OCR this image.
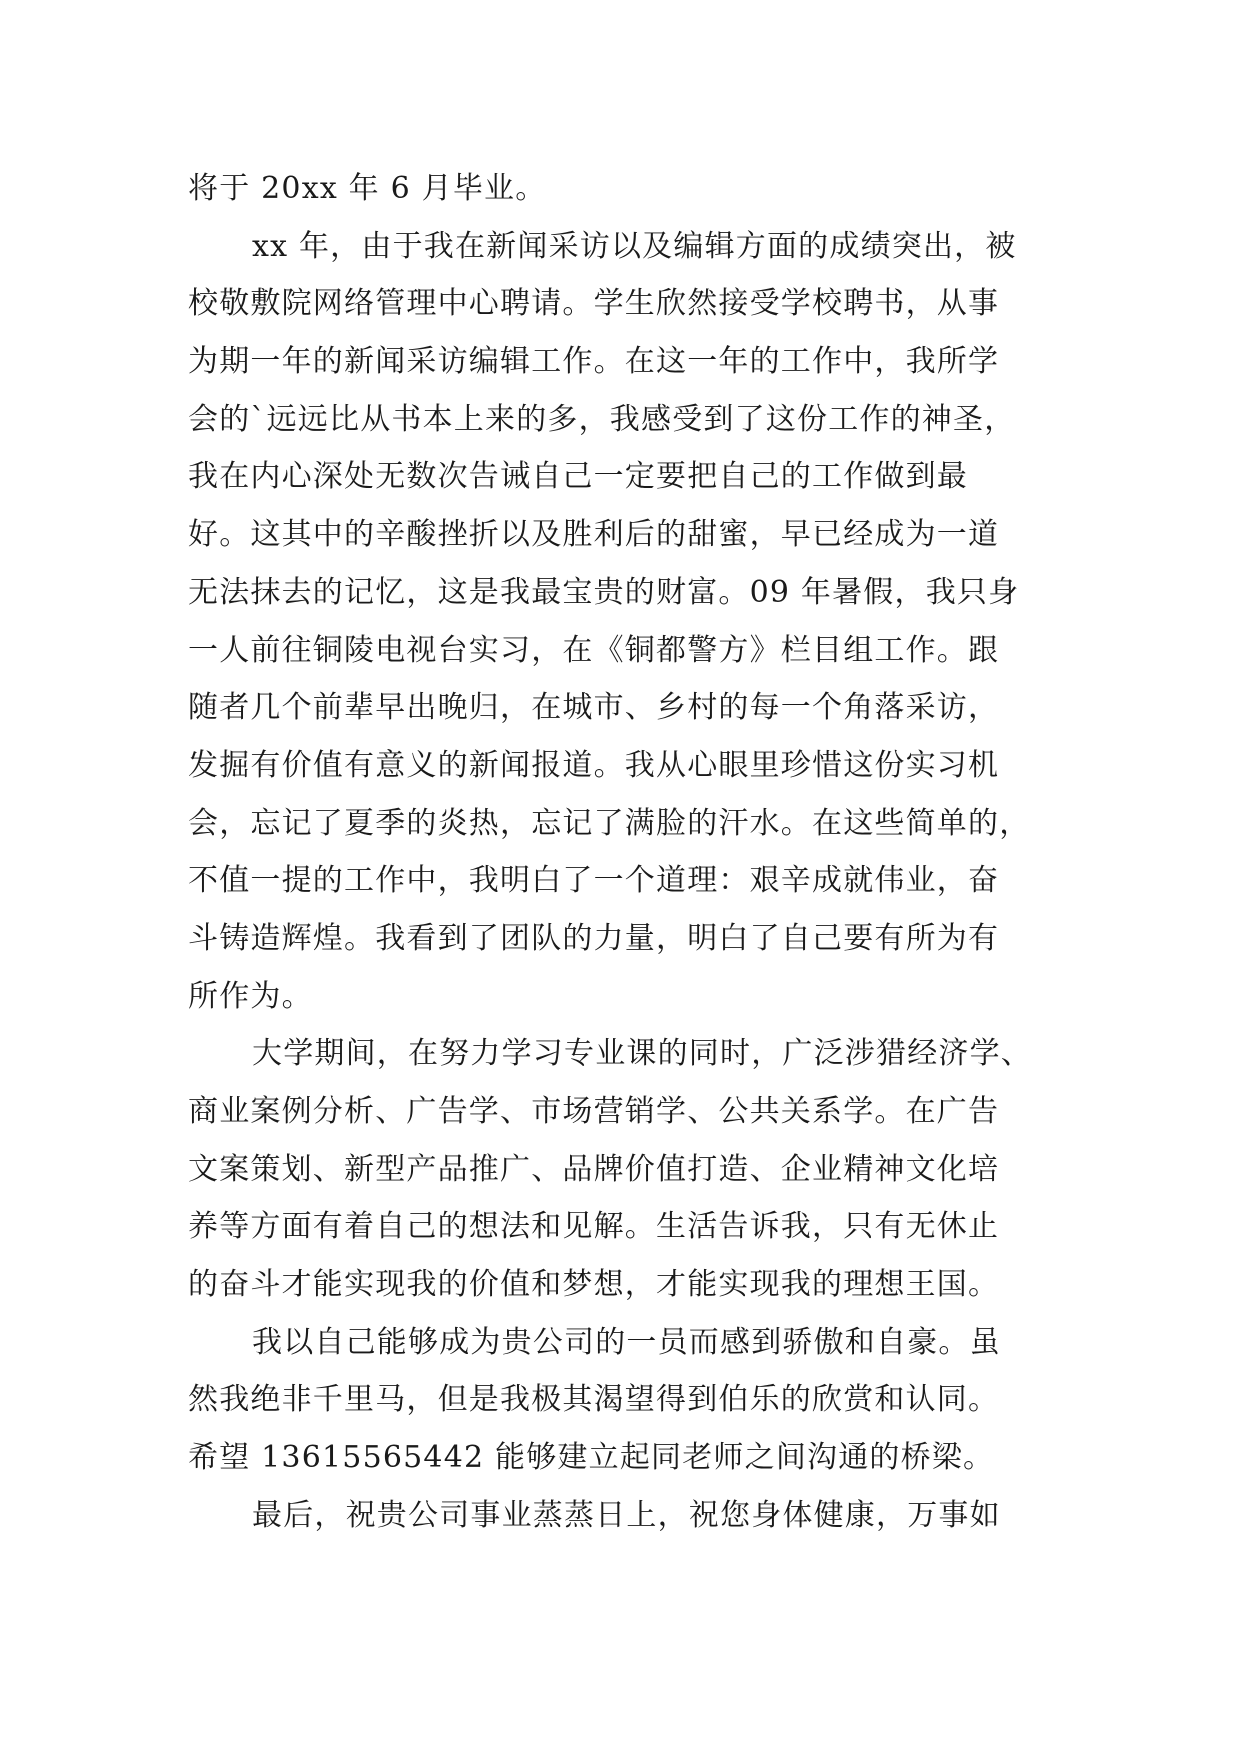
将于 20xx 年 6 月毕业。
xx 年，由于我在新闻采访以及编辑方面的成绩突出，被
校敬敷院网络管理中心聘请。学生欣然接受学校聘书，从事
为期一年的新闻采访编辑工作。在这一年的工作中，我所学
会的`远远比从书本上来的多，我感受到了这份工作的神圣，
我在内心深处无数次告诫自己一定要把自己的工作做到最
好。这其中的辛酸挫折以及胜利后的甜蜜，早已经成为一道
无法抹去的记忆，这是我最宝贵的财富。09 年暑假，我只身
一人前往铜陵电视台实习，在《铜都警方》栏目组工作。跟
随者几个前辈早出晚归，在城市、乡村的每一个角落采访，
发掘有价值有意义的新闻报道。我从心眼里珍惜这份实习机
会，忘记了夏季的炎热，忘记了满脸的汗水。在这些简单的，
不值一提的工作中，我明白了一个道理：艰辛成就伟业，奋
斗铸造辉煌。我看到了团队的力量，明白了自己要有所为有
所作为。
大学期间，在努力学习专业课的同时，广泛涉猎经济学、
商业案例分析、广告学、市场营销学、公共关系学。在广告
文案策划、新型产品推广、品牌价值打造、企业精神文化培
养等方面有着自己的想法和见解。生活告诉我，只有无休止
的奋斗才能实现我的价值和梦想，才能实现我的理想王国。
我以自己能够成为贵公司的一员而感到骄傲和自豪。虽
然我绝非千里马，但是我极其渴望得到伯乐的欣赏和认同。
希望 13615565442 能够建立起同老师之间沟通的桥梁。
最后，祝贵公司事业蒸蒸日上，祝您身体健康，万事如
